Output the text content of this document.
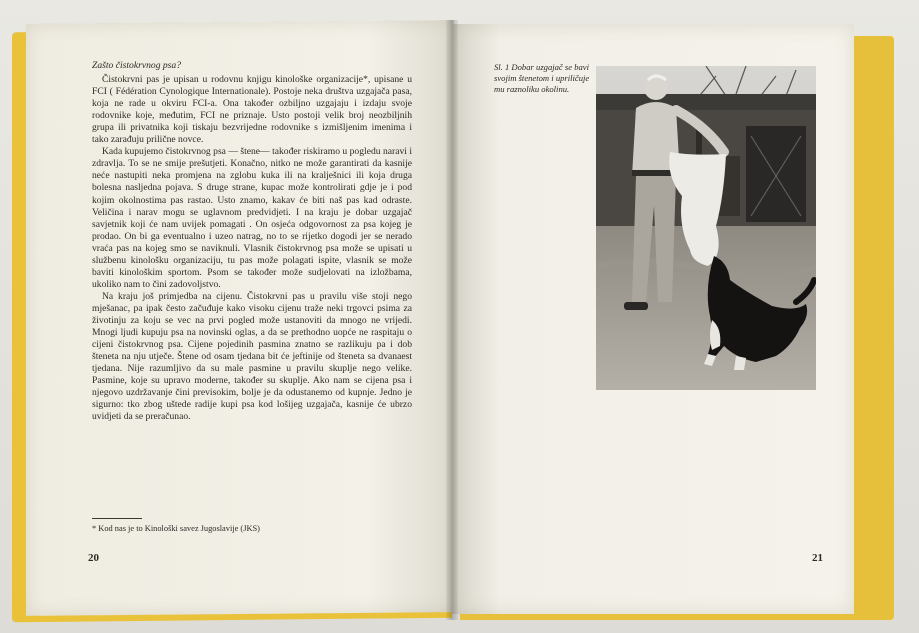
Zašto čistokrvnog psa?

Čistokrvni pas je upisan u rodovnu knjigu kinološke organizacije*, upisane u FCI ( Fédération Cynologique Internationale). Postoje neka društva uzgajača pasa, koja ne rade u okviru FCI-a. Ona također ozbiljno uzgajaju i izdaju svoje rodovnike koje, međutim, FCI ne priznaje. Usto postoji velik broj neozbiljnih grupa ili privatnika koji tiskaju bezvrijedne rodovnike s izmišljenim imenima i tako zarađuju prilične novce.

Kada kupujemo čistokrvnog psa — štene— također riskiramo u pogledu naravi i zdravlja. To se ne smije prešutjeti. Konačno, nitko ne može garantirati da kasnije neće nastupiti neka promjena na zglobu kuka ili na kralješnici ili koja druga bolesna nasljedna pojava. S druge strane, kupac može kontrolirati gdje je i pod kojim okolnostima pas rastao. Usto znamo, kakav će biti naš pas kad odraste. Veličina i narav mogu se uglavnom predvidjeti. I na kraju je dobar uzgajač savjetnik koji će nam uvijek pomagati . On osjeća odgovornost za psa kojeg je prodao. On bi ga eventualno i uzeo natrag, no to se rijetko dogodi jer se nerado vraća pas na kojeg smo se naviknuli. Vlasnik čistokrvnog psa može se upisati u službenu kinološku organizaciju, tu pas može polagati ispite, vlasnik se može baviti kinološkim sportom. Psom se također može sudjelovati na izložbama, ukoliko nam to čini zadovoljstvo.

Na kraju još primjedba na cijenu. Čistokrvni pas u pravilu više stoji nego mješanac, pa ipak često začuđuje kako visoku cijenu traže neki trgovci psima za životinju za koju se vec na prvi pogled može ustanoviti da mnogo ne vrijedi. Mnogi ljudi kupuju psa na novinski oglas, a da se prethodno uopće ne raspitaju o cijeni čistokrvnog psa. Cijene pojedinih pasmina znatno se razlikuju pa i dob šteneta na nju utječe. Štene od osam tjedana bit će jeftinije od šteneta sa dvanaest tjedana. Nije razumljivo da su male pasmine u pravilu skuplje nego velike. Pasmine, koje su upravo moderne, također su skuplje. Ako nam se cijena psa i njegovo uzdržavanje čini previsokim, bolje je da odustanemo od kupnje. Jedno je sigurno: tko zbog uštede radije kupi psa kod lošijeg uzgajača, kasnije će ubrzo uvidjeti da se preračunao.

* Kod nas je to Kinološki savez Jugoslavije (JKS)
20
Sl. 1 Dobar uzgajač se bavi svojim štenetom i upriličuje mu raznoliku okolinu.
21
